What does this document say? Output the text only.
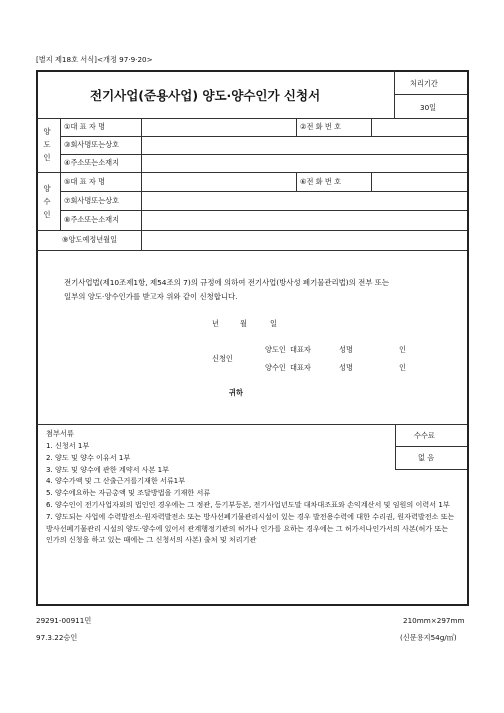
[별지 제18호 서식]<개정 97·9·20>
전기사업(준용사업) 양도·양수인가 신청서
처리기간
30일
양도인
①대 표 자 명	②전 화 번 호
③회사명또는상호
④주소또는소재지
양수인
⑤대 표 자 명	⑥전 화 번 호
⑦회사명또는상호
⑧주소또는소재지
⑨양도예정년월일
전기사업법(제10조제1항, 제54조의 7)의 규정에 의하여 전기사업(방사성 폐기물관리법)의 전부 또는 일부의 양도·양수인가를 받고자 위와 같이 신청합니다.
년	월	일
신청인
양도인 대표자	성명	인
양수인 대표자	성명	인
귀하
수수료
없 음
첨부서류
1. 신청서 1부
2. 양도 및 양수 이유서 1부
3. 양도 및 양수에 관한 계약서 사본 1부
4. 양수가액 및 그 산출근거를기재한 서류1부
5. 양수에요하는 자금총액 및 조달방법을 기재한 서류
6. 양수인이 전기사업자외의 법인인 경우에는 그 정관, 등기부등본, 전기사업년도말 대차대조표와 손익계산서 및 임원의 이력서 1부
7. 양도되는 사업에 수력발전소·원자력발전소 또는 방사선폐기물관리시설이 있는 경우 발전용수력에 대한 수리권, 원자력발전소 또는 방사선폐기물관리 시설의 양도·양수에 있어서 관계행정기관의 허가나 인가를 요하는 경우에는 그 허가서나인가서의 사본(허가 또는 인가의 신청을 하고 있는 때에는 그 신청서의 사본) 출처 및 처리기관
29291-00911민
97.3.22승인
210mm×297mm
(신문용지54g/㎡)
